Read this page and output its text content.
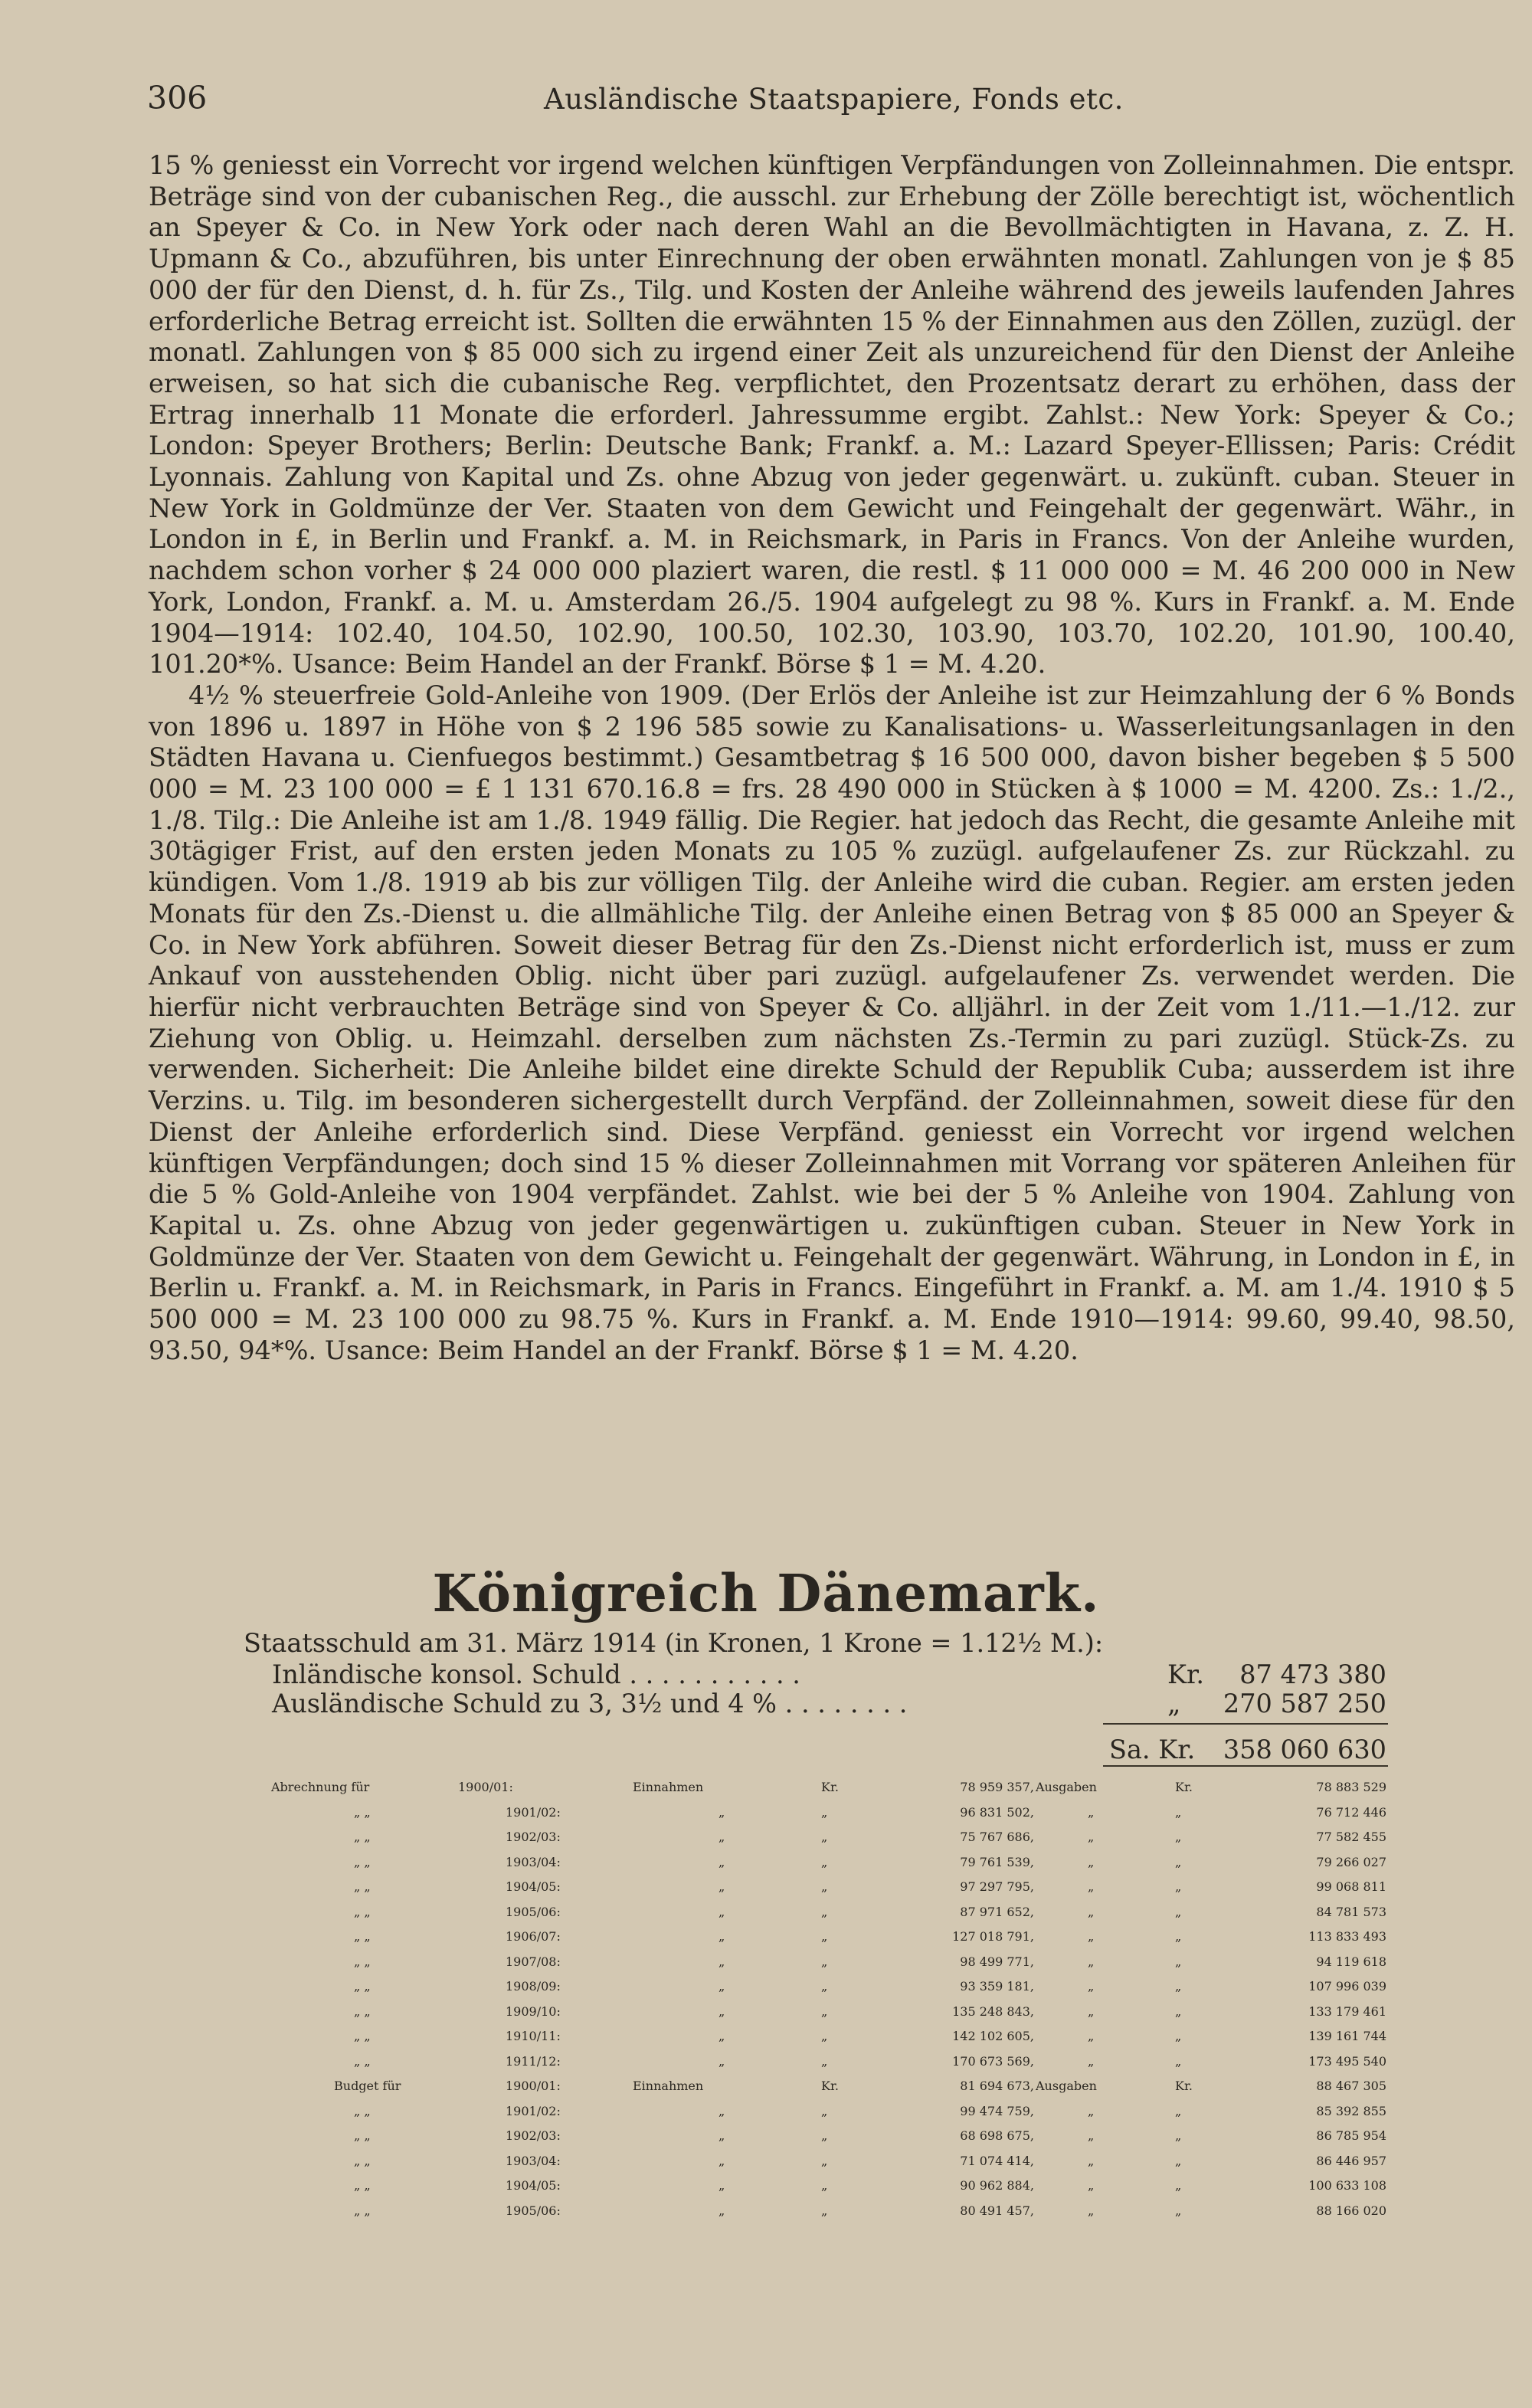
306	Ausländische Staatspapiere, Fonds etc.

15 % geniesst ein Vorrecht vor irgend welchen künftigen Verpfändungen von Zolleinnahmen. Die entspr. Beträge sind von der cubanischen Reg., die ausschl. zur Erhebung der Zölle berechtigt ist, wöchentlich an Speyer & Co. in New York oder nach deren Wahl an die Bevollmächtigten in Havana, z. Z. H. Upmann & Co., abzuführen, bis unter Einrechnung der oben erwähnten monatl. Zahlungen von je $ 85 000 der für den Dienst, d. h. für Zs., Tilg. und Kosten der Anleihe während des jeweils laufenden Jahres erforderliche Betrag erreicht ist. Sollten die erwähnten 15 % der Einnahmen aus den Zöllen, zuzügl. der monatl. Zahlungen von $ 85 000 sich zu irgend einer Zeit als unzureichend für den Dienst der Anleihe erweisen, so hat sich die cubanische Reg. verpflichtet, den Prozentsatz derart zu erhöhen, dass der Ertrag innerhalb 11 Monate die erforderl. Jahressumme ergibt. Zahlst.: New York: Speyer & Co.; London: Speyer Brothers; Berlin: Deutsche Bank; Frankf. a. M.: Lazard Speyer-Ellissen; Paris: Crédit Lyonnais. Zahlung von Kapital und Zs. ohne Abzug von jeder gegenwärt. u. zukünft. cuban. Steuer in New York in Goldmünze der Ver. Staaten von dem Gewicht und Feingehalt der gegenwärt. Währ., in London in £, in Berlin und Frankf. a. M. in Reichsmark, in Paris in Francs. Von der Anleihe wurden, nachdem schon vorher $ 24 000 000 plaziert waren, die restl. $ 11 000 000 = M. 46 200 000 in New York, London, Frankf. a. M. u. Amsterdam 26./5. 1904 aufgelegt zu 98 %. Kurs in Frankf. a. M. Ende 1904—1914: 102.40, 104.50, 102.90, 100.50, 102.30, 103.90, 103.70, 102.20, 101.90, 100.40, 101.20*%. Usance: Beim Handel an der Frankf. Börse $ 1 = M. 4.20.

4½ % steuerfreie Gold-Anleihe von 1909. (Der Erlös der Anleihe ist zur Heimzahlung der 6 % Bonds von 1896 u. 1897 in Höhe von $ 2 196 585 sowie zu Kanalisations- u. Wasserleitungsanlagen in den Städten Havana u. Cienfuegos bestimmt.) Gesamtbetrag $ 16 500 000, davon bisher begeben $ 5 500 000 = M. 23 100 000 = £ 1 131 670.16.8 = frs. 28 490 000 in Stücken à $ 1000 = M. 4200. Zs.: 1./2., 1./8. Tilg.: Die Anleihe ist am 1./8. 1949 fällig. Die Regier. hat jedoch das Recht, die gesamte Anleihe mit 30tägiger Frist, auf den ersten jeden Monats zu 105 % zuzügl. aufgelaufener Zs. zur Rückzahl. zu kündigen. Vom 1./8. 1919 ab bis zur völligen Tilg. der Anleihe wird die cuban. Regier. am ersten jeden Monats für den Zs.-Dienst u. die allmähliche Tilg. der Anleihe einen Betrag von $ 85 000 an Speyer & Co. in New York abführen. Soweit dieser Betrag für den Zs.-Dienst nicht erforderlich ist, muss er zum Ankauf von ausstehenden Oblig. nicht über pari zuzügl. aufgelaufener Zs. verwendet werden. Die hierfür nicht verbrauchten Beträge sind von Speyer & Co. alljährl. in der Zeit vom 1./11.—1./12. zur Ziehung von Oblig. u. Heimzahl. derselben zum nächsten Zs.-Termin zu pari zuzügl. Stück-Zs. zu verwenden. Sicherheit: Die Anleihe bildet eine direkte Schuld der Republik Cuba; ausserdem ist ihre Verzins. u. Tilg. im besonderen sichergestellt durch Verpfänd. der Zolleinnahmen, soweit diese für den Dienst der Anleihe erforderlich sind. Diese Verpfänd. geniesst ein Vorrecht vor irgend welchen künftigen Verpfändungen; doch sind 15 % dieser Zolleinnahmen mit Vorrang vor späteren Anleihen für die 5 % Gold-Anleihe von 1904 verpfändet. Zahlst. wie bei der 5 % Anleihe von 1904. Zahlung von Kapital u. Zs. ohne Abzug von jeder gegenwärtigen u. zukünftigen cuban. Steuer in New York in Goldmünze der Ver. Staaten von dem Gewicht u. Feingehalt der gegenwärt. Währung, in London in £, in Berlin u. Frankf. a. M. in Reichsmark, in Paris in Francs. Eingeführt in Frankf. a. M. am 1./4. 1910 $ 5 500 000 = M. 23 100 000 zu 98.75 %. Kurs in Frankf. a. M. Ende 1910—1914: 99.60, 99.40, 98.50, 93.50, 94*%. Usance: Beim Handel an der Frankf. Börse $ 1 = M. 4.20.

Königreich Dänemark.
Staatsschuld am 31. März 1914 (in Kronen, 1 Krone = 1.12½ M.):
Inländische konsol. Schuld . . . . . . . . . . .	Kr. 87 473 380
Ausländische Schuld zu 3, 3½ und 4 % . . . . . . . .	„ 270 587 250
Sa. Kr. 358 060 630
Abrechnung für	1900/01:	Einnahmen	Kr.	78 959 357, Ausgaben	Kr.	78 883 529
„ „	1901/02:	„	„	96 831 502,	„	„	76 712 446
„ „	1902/03:	„	„	75 767 686,	„	„	77 582 455
„ „	1903/04:	„	„	79 761 539,	„	„	79 266 027
„ „	1904/05:	„	„	97 297 795,	„	„	99 068 811
„ „	1905/06:	„	„	87 971 652,	„	„	84 781 573
„ „	1906/07:	„	„	127 018 791,	„	„	113 833 493
„ „	1907/08:	„	„	98 499 771,	„	„	94 119 618
„ „	1908/09:	„	„	93 359 181,	„	„	107 996 039
„ „	1909/10:	„	„	135 248 843,	„	„	133 179 461
„ „	1910/11:	„	„	142 102 605,	„	„	139 161 744
„ „	1911/12:	„	„	170 673 569,	„	„	173 495 540
Budget für	1900/01:	Einnahmen	Kr.	81 694 673, Ausgaben	Kr.	88 467 305
„ „	1901/02:	„	„	99 474 759,	„	„	85 392 855
„ „	1902/03:	„	„	68 698 675,	„	„	86 785 954
„ „	1903/04:	„	„	71 074 414,	„	„	86 446 957
„ „	1904/05:	„	„	90 962 884,	„	„	100 633 108
„ „	1905/06:	„	„	80 491 457,	„	„	88 166 020
